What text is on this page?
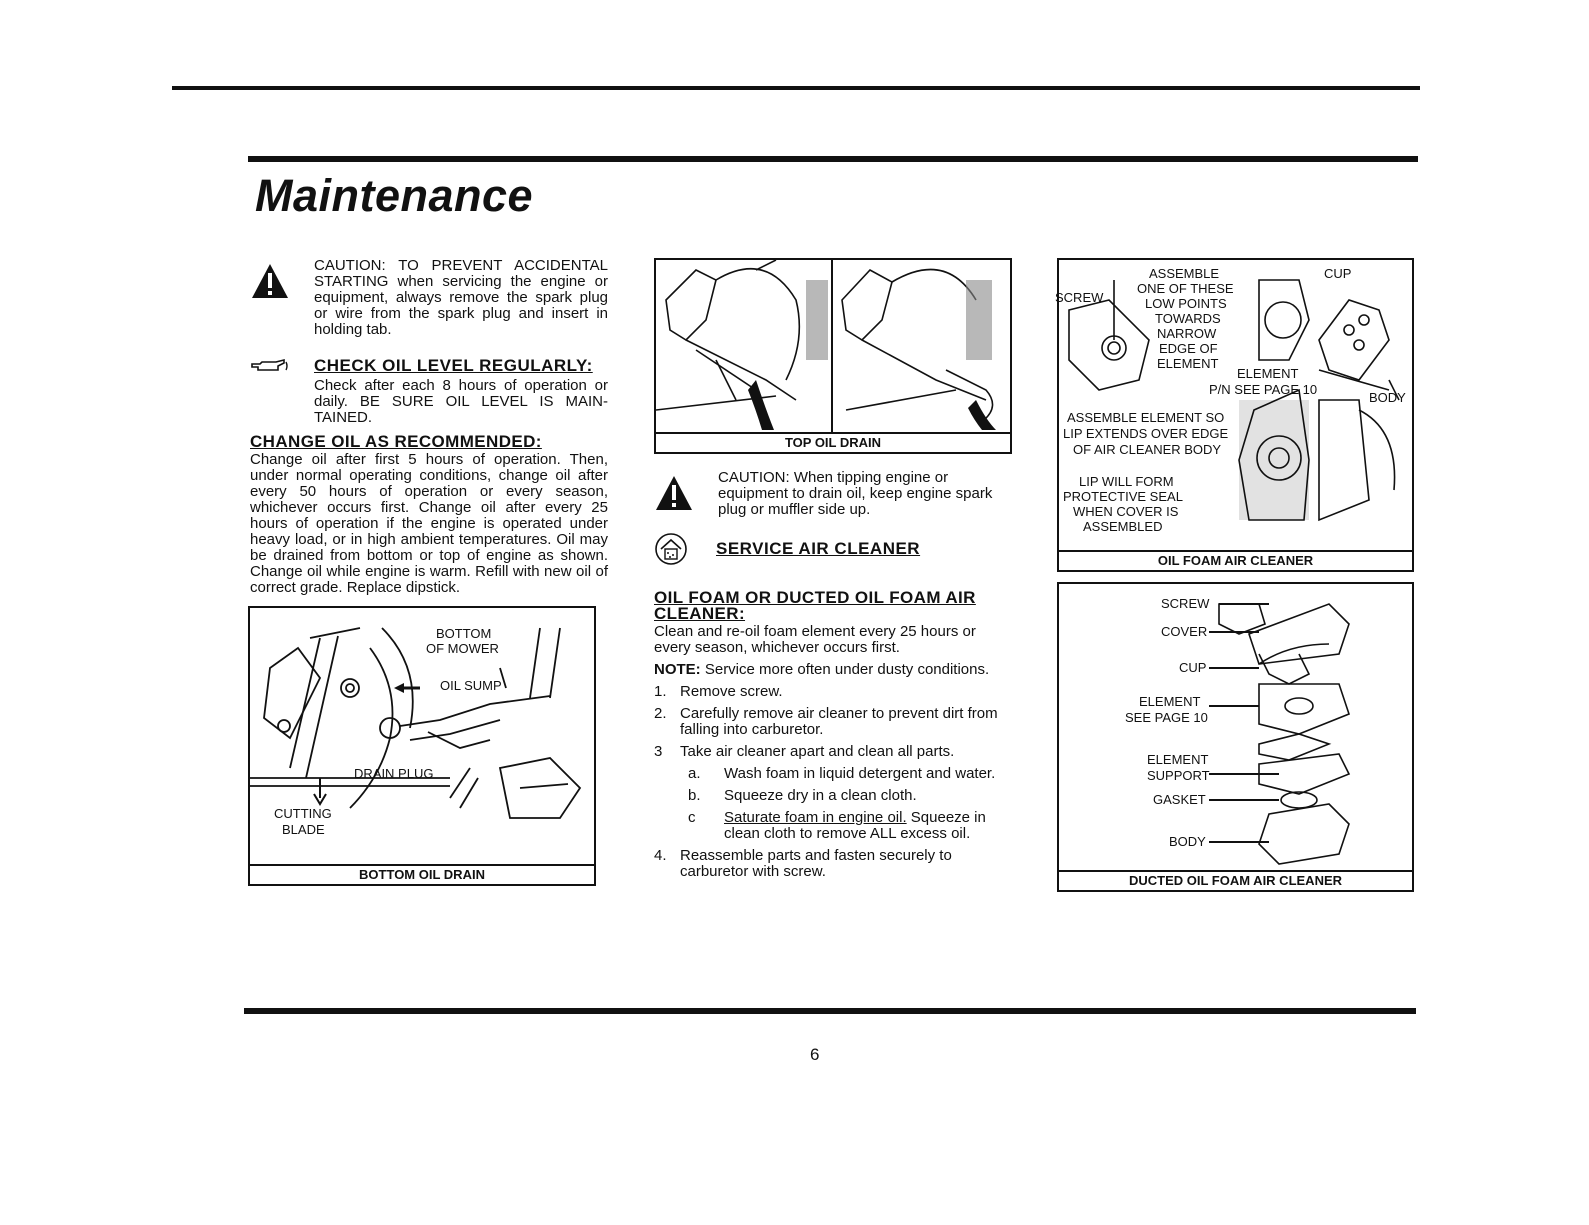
Maintenance
CAUTION: TO PREVENT ACCIDENTAL STARTING when servicing the engine or equipment, always remove the spark plug or wire from the spark plug and insert in holding tab.
CHECK OIL LEVEL REGULARLY:
Check after each 8 hours of operation or daily. BE SURE OIL LEVEL IS MAIN-TAINED.
CHANGE OIL AS RECOMMENDED:
Change oil after first 5 hours of operation. Then, under normal operating conditions, change oil after every 50 hours of operation or every season, whichever occurs first. Change oil after every 25 hours of operation if the engine is operated under heavy load, or in high ambient temperatures. Oil may be drained from bottom or top of engine as shown. Change oil while engine is warm. Refill with new oil of correct grade. Replace dipstick.
BOTTOM
OF MOWER
OIL SUMP
DRAIN PLUG
CUTTING
BLADE
BOTTOM OIL DRAIN
TOP OIL DRAIN
CAUTION: When tipping engine or equipment to drain oil, keep engine spark plug or muffler side up.
SERVICE AIR CLEANER
OIL FOAM OR DUCTED OIL FOAM AIR CLEANER:
Clean and re-oil foam element every 25 hours or every season, whichever occurs first.
NOTE: Service more often under dusty conditions.
1. Remove screw.
2. Carefully remove air cleaner to prevent dirt from falling into carburetor.
3	Take air cleaner apart and clean all parts.
a.	Wash foam in liquid detergent and water.
b.	Squeeze dry in a clean cloth.
c	Saturate foam in engine oil. Squeeze in clean cloth to remove ALL excess oil.
4. Reassemble parts and fasten securely to carburetor with screw.
ASSEMBLE
ONE OF THESE
SCREW	LOW POINTS
TOWARDS
NARROW
EDGE OF
ELEMENT
CUP
ELEMENT
P/N SEE PAGE 10
BODY
ASSEMBLE ELEMENT SO
LIP EXTENDS OVER EDGE
OF AIR CLEANER BODY
LIP WILL FORM
PROTECTIVE SEAL
WHEN COVER IS
ASSEMBLED
OIL FOAM AIR CLEANER
SCREW
COVER
CUP
ELEMENT
SEE PAGE 10
ELEMENT
SUPPORT
GASKET
BODY
DUCTED OIL FOAM AIR CLEANER
6
